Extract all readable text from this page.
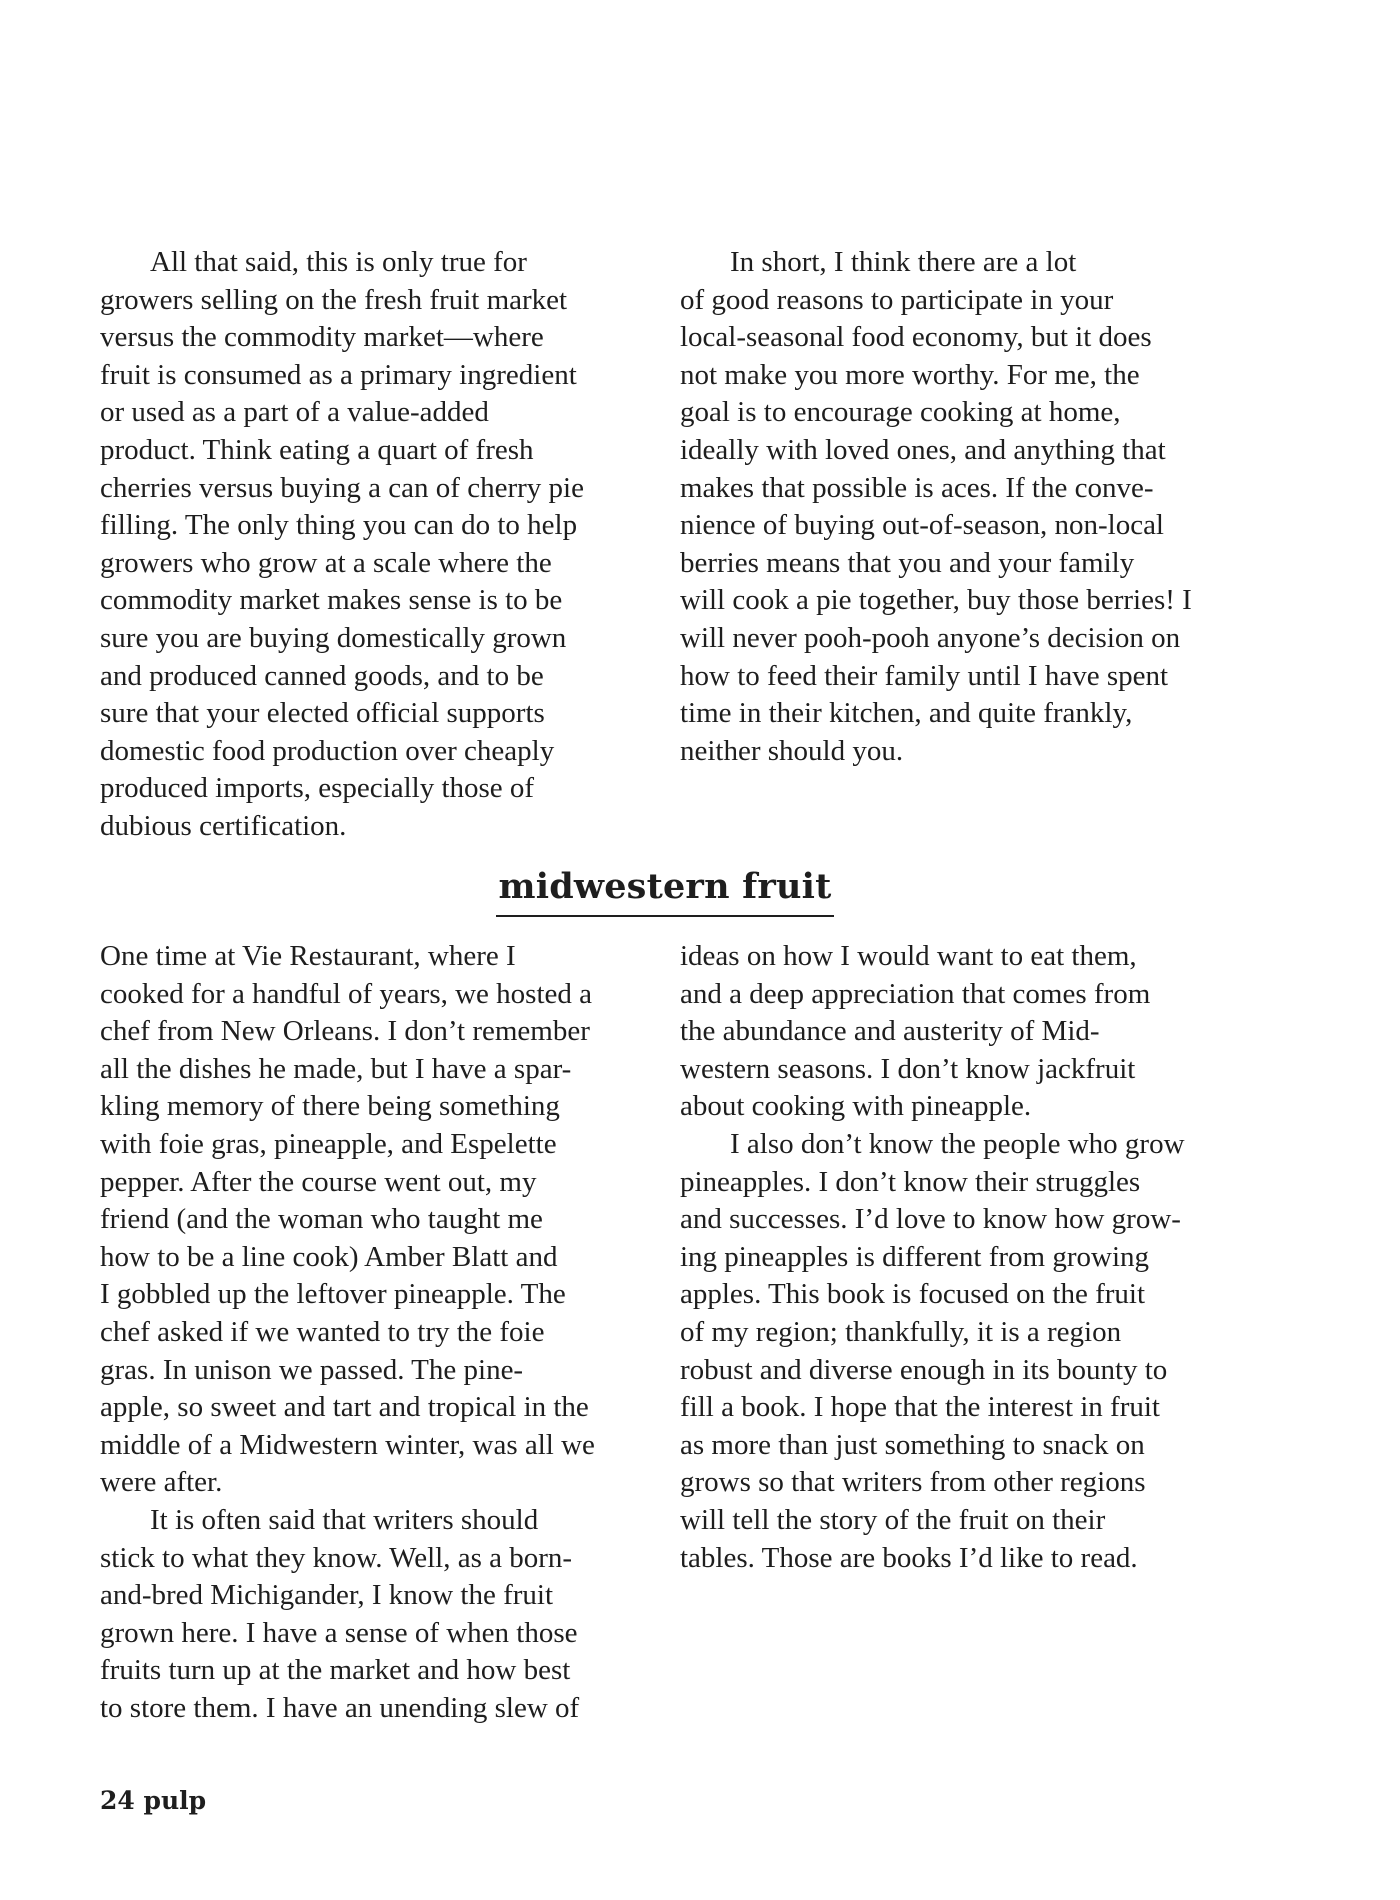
All that said, this is only true for
growers selling on the fresh fruit market
versus the commodity market—where
fruit is consumed as a primary ingredient
or used as a part of a value-added
product. Think eating a quart of fresh
cherries versus buying a can of cherry pie
filling. The only thing you can do to help
growers who grow at a scale where the
commodity market makes sense is to be
sure you are buying domestically grown
and produced canned goods, and to be
sure that your elected official supports
domestic food production over cheaply
produced imports, especially those of
dubious certification.
In short, I think there are a lot
of good reasons to participate in your
local-seasonal food economy, but it does
not make you more worthy. For me, the
goal is to encourage cooking at home,
ideally with loved ones, and anything that
makes that possible is aces. If the conve-
nience of buying out-of-season, non-local
berries means that you and your family
will cook a pie together, buy those berries! I
will never pooh-pooh anyone’s decision on
how to feed their family until I have spent
time in their kitchen, and quite frankly,
neither should you.
midwestern fruit
One time at Vie Restaurant, where I
cooked for a handful of years, we hosted a
chef from New Orleans. I don’t remember
all the dishes he made, but I have a spar-
kling memory of there being something
with foie gras, pineapple, and Espelette
pepper. After the course went out, my
friend (and the woman who taught me
how to be a line cook) Amber Blatt and
I gobbled up the leftover pineapple. The
chef asked if we wanted to try the foie
gras. In unison we passed. The pine-
apple, so sweet and tart and tropical in the
middle of a Midwestern winter, was all we
were after.
It is often said that writers should
stick to what they know. Well, as a born-
and-bred Michigander, I know the fruit
grown here. I have a sense of when those
fruits turn up at the market and how best
to store them. I have an unending slew of
ideas on how I would want to eat them,
and a deep appreciation that comes from
the abundance and austerity of Mid-
western seasons. I don’t know jackfruit
about cooking with pineapple.
I also don’t know the people who grow
pineapples. I don’t know their struggles
and successes. I’d love to know how grow-
ing pineapples is different from growing
apples. This book is focused on the fruit
of my region; thankfully, it is a region
robust and diverse enough in its bounty to
fill a book. I hope that the interest in fruit
as more than just something to snack on
grows so that writers from other regions
will tell the story of the fruit on their
tables. Those are books I’d like to read.
24 pulp
